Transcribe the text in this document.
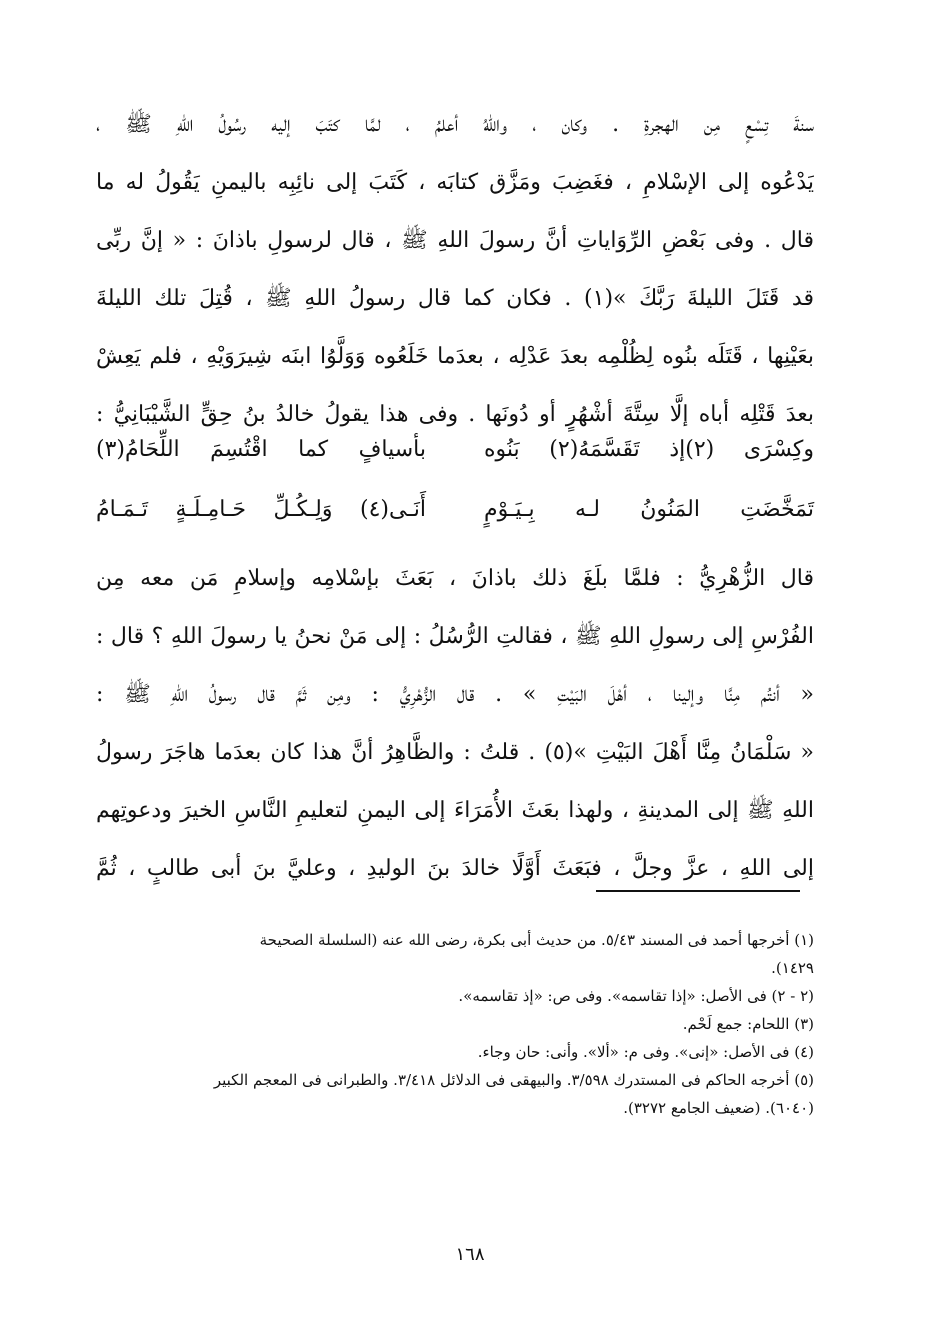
سنةَ تِسْعٍ مِن الهجرةِ . وكان ، واللهُ أعلمُ ، لمَّا كتَبَ إليه رسُولُ اللهِ ﷺ ،
يَدْعُوه إلى الإسْلامِ ، فغَضِبَ ومَزَّق كتابَه ، كَتَبَ إلى نائِبِه باليمنِ يَقُولُ له ما
قال . وفى بَعْضِ الرِّوَاياتِ أنَّ رسولَ اللهِ ﷺ ، قال لرسولِ باذانَ : « إنَّ ربِّى
قد قَتَلَ الليلةَ رَبَّكَ »(١) . فكان كما قال رسولُ اللهِ ﷺ ، قُتِلَ تلك الليلةَ
بعَيْنِها ، قَتَلَه بنُوه لِظُلْمِه بعدَ عَدْلِه ، بعدَما خَلَعُوه وَوَلَّوُا ابنَه شِيرَوَيْهِ ، فلم يَعِشْ
بعدَ قَتْلِه أباه إلَّا سِتَّةَ أشْهُرٍ أو دُونَها . وفى هذا يقولُ خالدُ بنُ حِقٍّ الشَّيْبَانِيُّ :
وكِسْرَى (٢)إذ تَقَسَّمَهُ(٢) بَنُوه
بأسيافٍ كما اقْتُسِمَ اللِّحَامُ(٣)
تَمَخَّضَتِ المَنُونُ لـه بِـيَـوْمٍ
أَنَـى(٤) وَلِـكُـلِّ حَـامِـلَـةٍ تَـمَـامُ
قال الزُّهْرِيُّ : فلمَّا بلَغَ ذلك باذانَ ، بَعَثَ بإسْلامِه وإسلامِ مَن معه مِن
الفُرْسِ إلى رسولِ اللهِ ﷺ ، فقالتِ الرُّسُلُ : إلى مَنْ نحنُ يا رسولَ اللهِ ؟ قال :
« أنتُم مِنَّا وإلينا ، أهْلَ البَيْتِ » . قال الزُّهْرِيُّ : ومِن ثَمَّ قال رسولُ اللهِ ﷺ :
« سَلْمَانُ مِنَّا أَهْلَ البَيْتِ »(٥) . قلتُ : والظَّاهِرُ أنَّ هذا كان بعدَما هاجَرَ رسولُ
اللهِ ﷺ إلى المدينةِ ، ولهذا بعَثَ الأُمَرَاءَ إلى اليمنِ لتعليمِ النَّاسِ الخيرَ ودعوتِهم
إلى اللهِ ، عزَّ وجلَّ ، فبَعَثَ أَوَّلًا خالدَ بنَ الوليدِ ، وعليَّ بنَ أبى طالبٍ ، ثُمَّ
(١) أخرجها أحمد فى المسند ٥/٤٣. من حديث أبى بكرة، رضى الله عنه (السلسلة الصحيحة
١٤٢٩).
(٢ - ٢) فى الأصل: «إذا تقاسمه». وفى ص: «إذ تقاسمه».
(٣) اللحام: جمع لَحْم.
(٤) فى الأصل: «إنى». وفى م: «ألا». وأنى: حان وجاء.
(٥) أخرجه الحاكم فى المستدرك ٣/٥٩٨. والبيهقى فى الدلائل ٣/٤١٨. والطبرانى فى المعجم الكبير
(٦٠٤٠). (ضعيف الجامع ٣٢٧٢).
١٦٨
